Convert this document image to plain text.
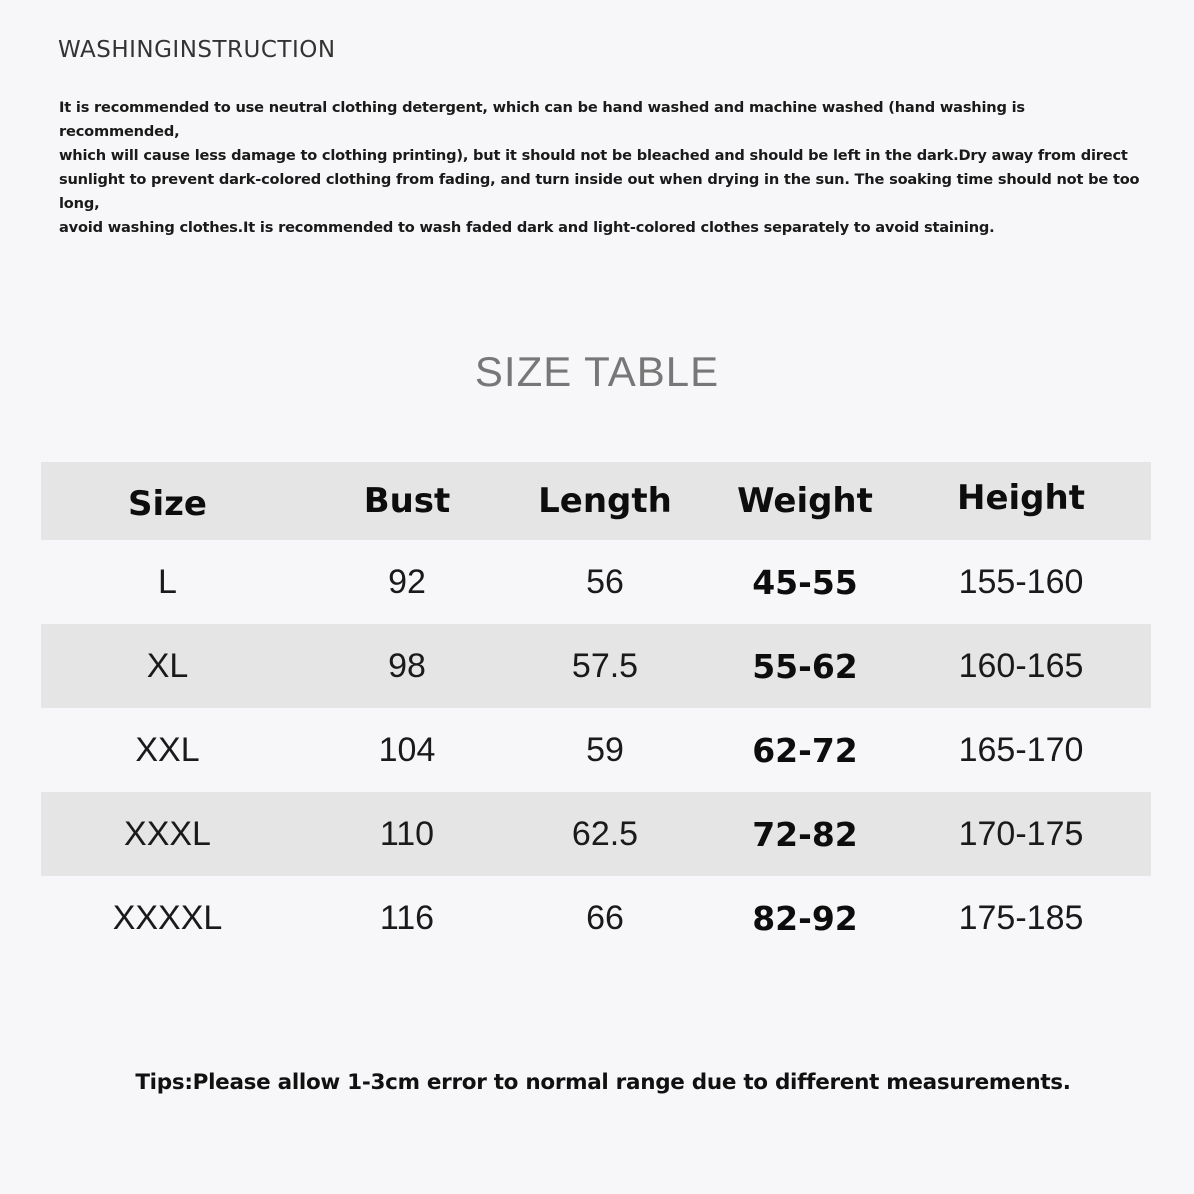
WASHINGINSTRUCTION
It is recommended to use neutral clothing detergent, which can be hand washed and machine washed (hand washing is recommended,
which will cause less damage to clothing printing), but it should not be bleached and should be left in the dark.Dry away from direct
sunlight to prevent dark-colored clothing from fading, and turn inside out when drying in the sun. The soaking time should not be too long,
avoid washing clothes.It is recommended to wash faded dark and light-colored clothes separately to avoid staining.
SIZE TABLE
Size	Bust	Length	Weight	Height
L	92	56	45-55	155-160
XL	98	57.5	55-62	160-165
XXL	104	59	62-72	165-170
XXXL	110	62.5	72-82	170-175
XXXXL	116	66	82-92	175-185
Tips:Please allow 1-3cm error to normal range due to different measurements.
